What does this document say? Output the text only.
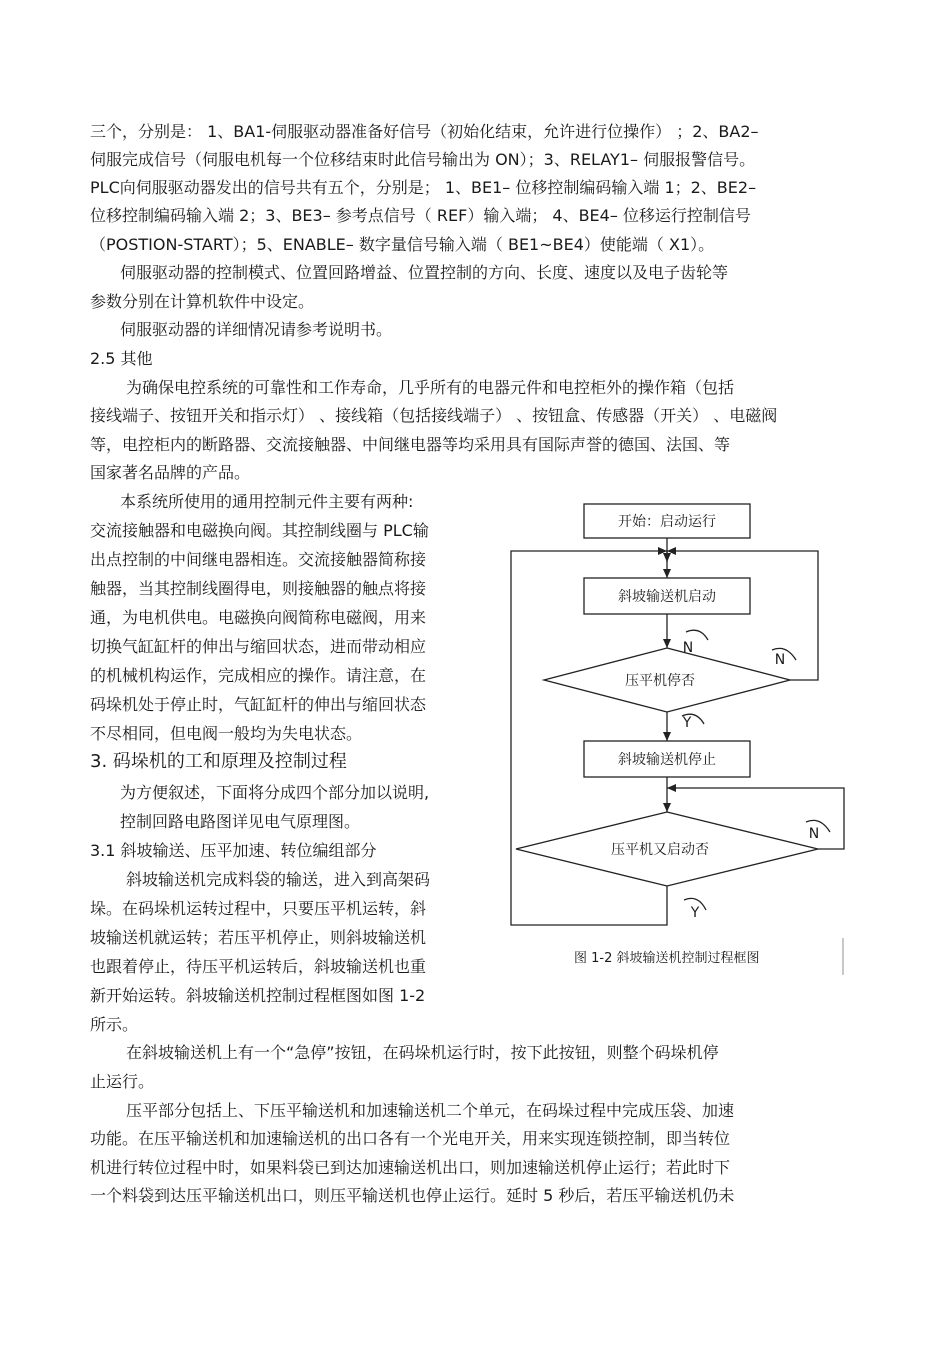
三个，分别是： 1、BA1-伺服驱动器准备好信号（初始化结束，允许进行位操作） ；2、BA2–
伺服完成信号（伺服电机每一个位移结束时此信号输出为 ON）；3、RELAY1– 伺服报警信号。
PLC向伺服驱动器发出的信号共有五个，分别是； 1、BE1– 位移控制编码输入端 1；2、BE2–
位移控制编码输入端 2；3、BE3– 参考点信号（ REF）输入端； 4、BE4– 位移运行控制信号
（POSTION-START）；5、ENABLE– 数字量信号输入端（ BE1~BE4）使能端（ X1）。
伺服驱动器的控制模式、位置回路增益、位置控制的方向、长度、速度以及电子齿轮等
参数分别在计算机软件中设定。
伺服驱动器的详细情况请参考说明书。
2.5 其他
为确保电控系统的可靠性和工作寿命，几乎所有的电器元件和电控柜外的操作箱（包括
接线端子、按钮开关和指示灯） 、接线箱（包括接线端子） 、按钮盒、传感器（开关） 、电磁阀
等，电控柜内的断路器、交流接触器、中间继电器等均采用具有国际声誉的德国、法国、等
国家著名品牌的产品。
本系统所使用的通用控制元件主要有两种:
交流接触器和电磁换向阀。其控制线圈与 PLC输
出点控制的中间继电器相连。交流接触器简称接
触器，当其控制线圈得电，则接触器的触点将接
通，为电机供电。电磁换向阀简称电磁阀，用来
切换气缸缸杆的伸出与缩回状态，进而带动相应
的机械机构运作，完成相应的操作。请注意，在
码垛机处于停止时，气缸缸杆的伸出与缩回状态
不尽相同，但电阀一般均为失电状态。
3. 码垛机的工和原理及控制过程
为方便叙述，下面将分成四个部分加以说明,
控制回路电路图详见电气原理图。
3.1 斜坡输送、压平加速、转位编组部分
斜坡输送机完成料袋的输送，进入到高架码
垛。在码垛机运转过程中，只要压平机运转，斜
坡输送机就运转；若压平机停止，则斜坡输送机
也跟着停止，待压平机运转后，斜坡输送机也重
新开始运转。斜坡输送机控制过程框图如图 1-2
所示。
在斜坡输送机上有一个“急停”按钮，在码垛机运行时，按下此按钮，则整个码垛机停
止运行。
压平部分包括上、下压平输送机和加速输送机二个单元，在码垛过程中完成压袋、加速
功能。在压平输送机和加速输送机的出口各有一个光电开关，用来实现连锁控制，即当转位
机进行转位过程中时，如果料袋已到达加速输送机出口，则加速输送机停止运行；若此时下
一个料袋到达压平输送机出口，则压平输送机也停止运行。延时 5 秒后，若压平输送机仍未
开始：启动运行
斜坡输送机启动
压平机停否
斜坡输送机停止
压平机又启动否
N
N
Y
N
Y
图 1-2 斜坡输送机控制过程框图
